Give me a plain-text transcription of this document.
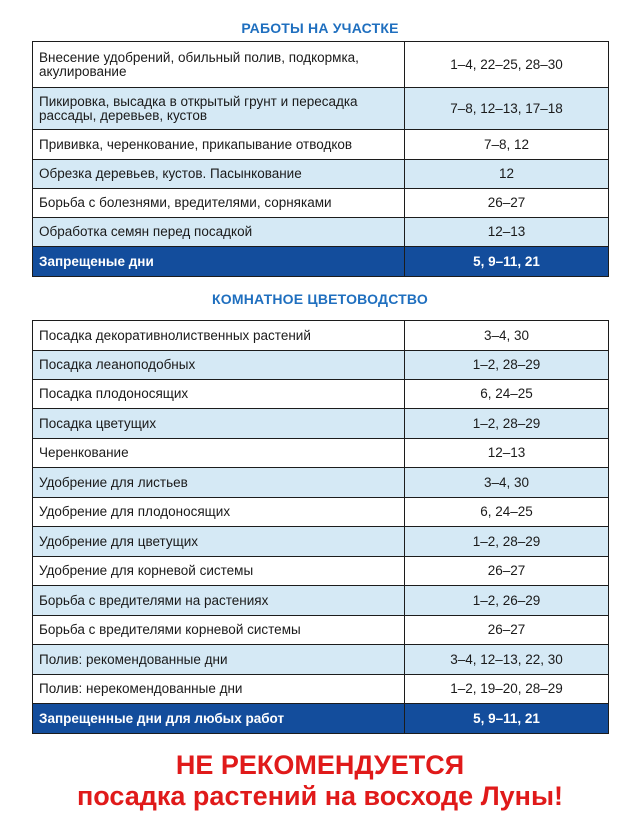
РАБОТЫ НА УЧАСТКЕ
Внесение удобрений, обильный полив, подкормка, акулирование	1–4, 22–25, 28–30
Пикировка, высадка в открытый грунт и пересадка рассады, деревьев, кустов	7–8, 12–13, 17–18
Прививка, черенкование, прикапывание отводков	7–8, 12
Обрезка деревьев, кустов. Пасынкование	12
Борьба с болезнями, вредителями, сорняками	26–27
Обработка семян перед посадкой	12–13
Запрещеные дни	5, 9–11, 21
КОМНАТНОЕ ЦВЕТОВОДСТВО
Посадка декоративнолиственных растений	3–4, 30
Посадка леаноподобных	1–2, 28–29
Посадка плодоносящих	6, 24–25
Посадка цветущих	1–2, 28–29
Черенкование	12–13
Удобрение для листьев	3–4, 30
Удобрение для плодоносящих	6, 24–25
Удобрение для цветущих	1–2, 28–29
Удобрение для корневой системы	26–27
Борьба с вредителями на растениях	1–2, 26–29
Борьба с вредителями корневой системы	26–27
Полив: рекомендованные дни	3–4, 12–13, 22, 30
Полив: нерекомендованные дни	1–2, 19–20, 28–29
Запрещенные дни для любых работ	5, 9–11, 21
НЕ РЕКОМЕНДУЕТСЯ
посадка растений на восходе Луны!
